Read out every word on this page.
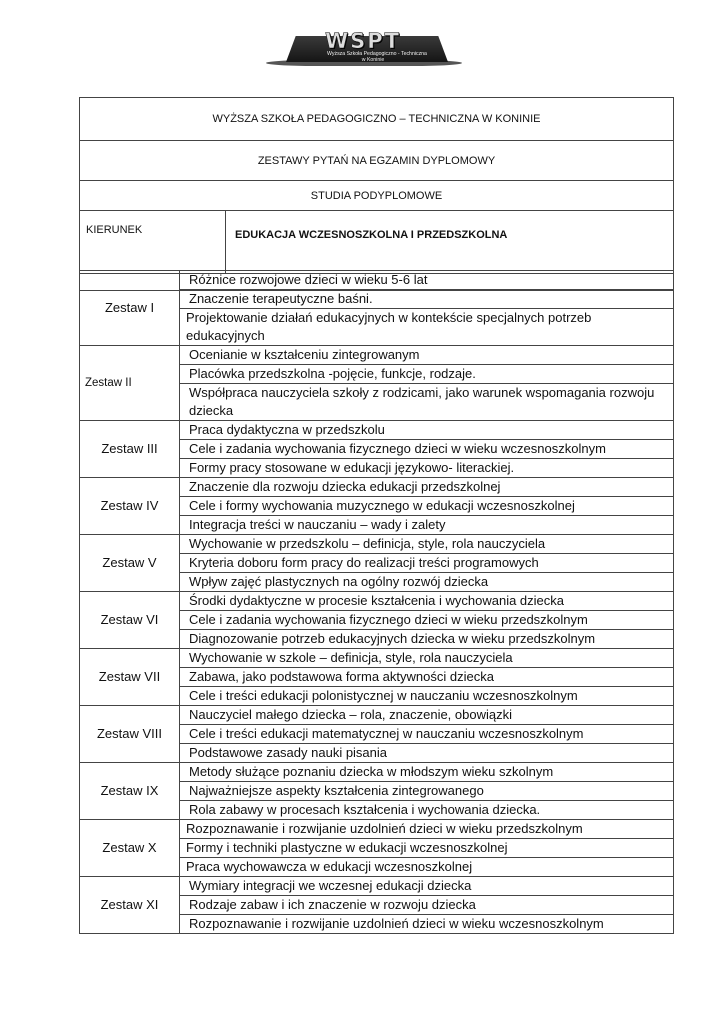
WSPT
Wyższa Szkoła Pedagogiczno - Techniczna
w Koninie
WYŻSZA SZKOŁA PEDAGOGICZNO – TECHNICZNA W KONINIE
ZESTAWY PYTAŃ NA EGZAMIN DYPLOMOWY
STUDIA PODYPLOMOWE
KIERUNEK	EDUKACJA WCZESNOSZKOLNA I PRZEDSZKOLNA

Zestaw I	Różnice rozwojowe dzieci w wieku 5-6 lat
	Znaczenie terapeutyczne baśni.
	Projektowanie działań edukacyjnych w kontekście specjalnych potrzeb edukacyjnych
Zestaw II	Ocenianie w kształceniu zintegrowanym
	Placówka przedszkolna -pojęcie, funkcje, rodzaje.
	Współpraca nauczyciela szkoły z rodzicami, jako warunek wspomagania rozwoju dziecka
Zestaw III	Praca dydaktyczna w przedszkolu
	Cele i zadania wychowania fizycznego dzieci w wieku wczesnoszkolnym
	Formy pracy stosowane w edukacji językowo- literackiej.
Zestaw IV	Znaczenie dla rozwoju dziecka edukacji przedszkolnej
	Cele i formy wychowania muzycznego w edukacji wczesnoszkolnej
	Integracja treści w nauczaniu – wady i zalety
Zestaw V	Wychowanie w przedszkolu – definicja, style, rola nauczyciela
	Kryteria doboru form pracy do realizacji treści programowych
	Wpływ zajęć plastycznych na ogólny rozwój dziecka
Zestaw VI	Środki dydaktyczne w procesie kształcenia i wychowania dziecka
	Cele i zadania wychowania fizycznego dzieci w wieku przedszkolnym
	Diagnozowanie potrzeb edukacyjnych dziecka w wieku przedszkolnym
Zestaw VII	Wychowanie w szkole – definicja, style, rola nauczyciela
	Zabawa, jako podstawowa forma aktywności dziecka
	Cele i treści edukacji polonistycznej w nauczaniu wczesnoszkolnym
Zestaw VIII	Nauczyciel małego dziecka – rola, znaczenie, obowiązki
	Cele i treści edukacji matematycznej w nauczaniu wczesnoszkolnym
	Podstawowe zasady nauki pisania
Zestaw IX	Metody służące poznaniu dziecka w młodszym wieku szkolnym
	Najważniejsze aspekty kształcenia zintegrowanego
	Rola zabawy w procesach kształcenia i wychowania dziecka.
Zestaw X	Rozpoznawanie i rozwijanie uzdolnień dzieci w wieku przedszkolnym
	Formy i techniki plastyczne w edukacji wczesnoszkolnej
	Praca wychowawcza w edukacji wczesnoszkolnej
Zestaw XI	Wymiary integracji we wczesnej edukacji dziecka
	Rodzaje zabaw i ich znaczenie w rozwoju dziecka
	Rozpoznawanie i rozwijanie uzdolnień dzieci w wieku wczesnoszkolnym
